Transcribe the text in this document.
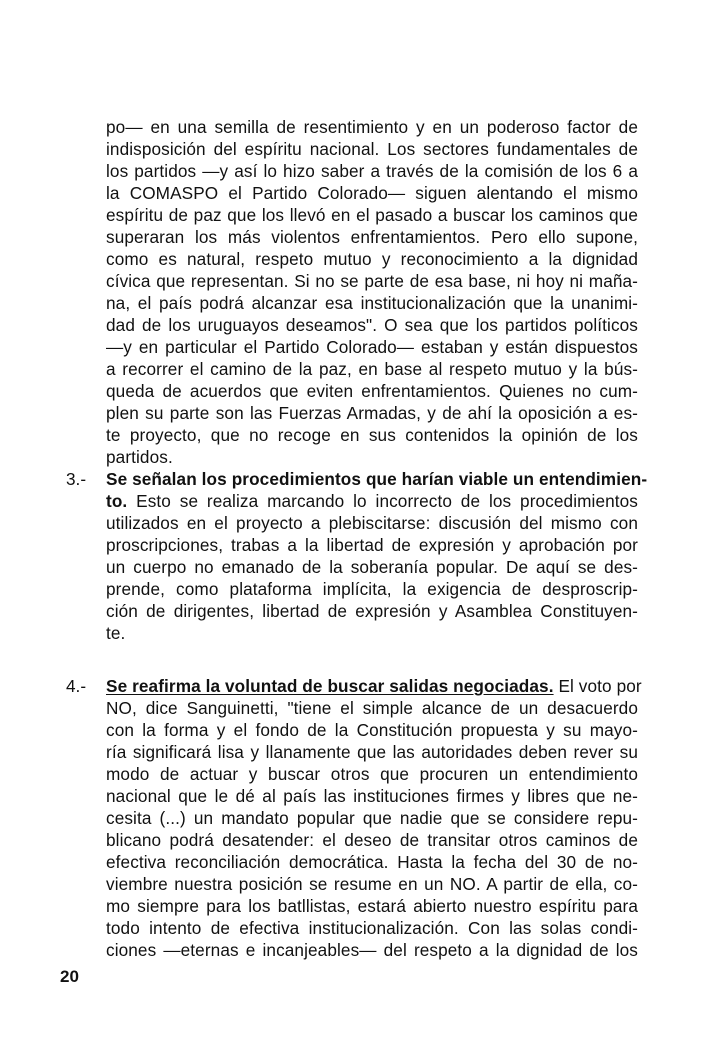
po— en una semilla de resentimiento y en un poderoso factor de
indisposición del espíritu nacional. Los sectores fundamentales de
los partidos —y así lo hizo saber a través de la comisión de los 6 a
la COMASPO el Partido Colorado— siguen alentando el mismo
espíritu de paz que los llevó en el pasado a buscar los caminos que
superaran los más violentos enfrentamientos. Pero ello supone,
como es natural, respeto mutuo y reconocimiento a la dignidad
cívica que representan. Si no se parte de esa base, ni hoy ni maña-
na, el país podrá alcanzar esa institucionalización que la unanimi-
dad de los uruguayos deseamos". O sea que los partidos políticos
—y en particular el Partido Colorado— estaban y están dispuestos
a recorrer el camino de la paz, en base al respeto mutuo y la bús-
queda de acuerdos que eviten enfrentamientos. Quienes no cum-
plen su parte son las Fuerzas Armadas, y de ahí la oposición a es-
te proyecto, que no recoge en sus contenidos la opinión de los
partidos.
3.- Se señalan los procedimientos que harían viable un entendimien-
to. Esto se realiza marcando lo incorrecto de los procedimientos
utilizados en el proyecto a plebiscitarse: discusión del mismo con
proscripciones, trabas a la libertad de expresión y aprobación por
un cuerpo no emanado de la soberanía popular. De aquí se des-
prende, como plataforma implícita, la exigencia de desproscrip-
ción de dirigentes, libertad de expresión y Asamblea Constituyen-
te.
4.- Se reafirma la voluntad de buscar salidas negociadas. El voto por
NO, dice Sanguinetti, "tiene el simple alcance de un desacuerdo
con la forma y el fondo de la Constitución propuesta y su mayo-
ría significará lisa y llanamente que las autoridades deben rever su
modo de actuar y buscar otros que procuren un entendimiento
nacional que le dé al país las instituciones firmes y libres que ne-
cesita (...) un mandato popular que nadie que se considere repu-
blicano podrá desatender: el deseo de transitar otros caminos de
efectiva reconciliación democrática. Hasta la fecha del 30 de no-
viembre nuestra posición se resume en un NO. A partir de ella, co-
mo siempre para los batllistas, estará abierto nuestro espíritu para
todo intento de efectiva institucionalización. Con las solas condi-
ciones —eternas e incanjeables— del respeto a la dignidad de los
20
